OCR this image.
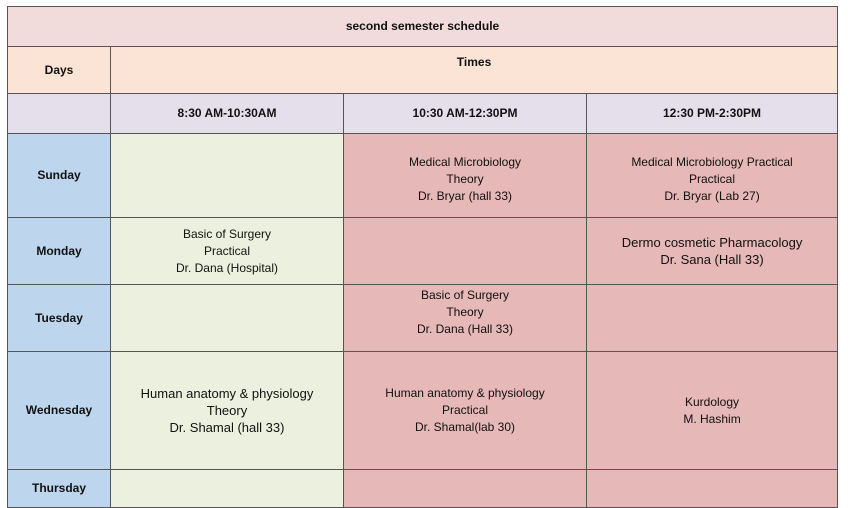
second semester schedule			
Days	Times		
	8:30 AM-10:30AM	10:30 AM-12:30PM	12:30 PM-2:30PM
Sunday		Medical Microbiology
Theory
Dr. Bryar (hall 33)	Medical Microbiology Practical
Practical
Dr. Bryar (Lab 27)

Monday	Basic of Surgery
Practical
Dr. Dana (Hospital)		Dermo cosmetic Pharmacology
Dr. Sana (Hall 33)

Tuesday		Basic of Surgery
Theory
Dr. Dana (Hall 33)	

Wednesday	Human anatomy & physiology
Theory
Dr. Shamal (hall 33)	Human anatomy & physiology
Practical
Dr. Shamal(lab 30)	Kurdology
M. Hashim

Thursday			
